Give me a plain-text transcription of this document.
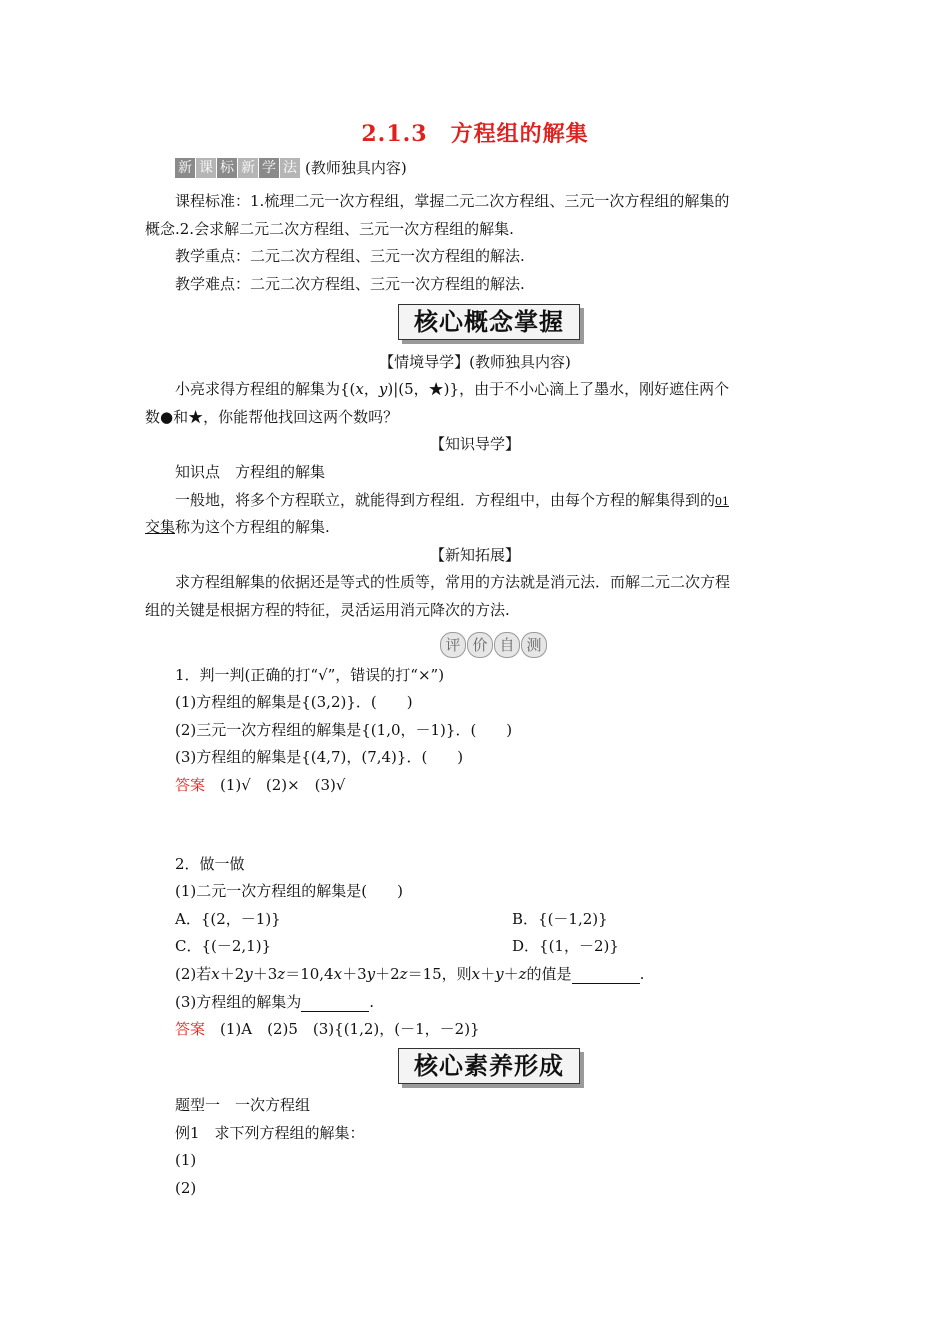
2.1.3　方程组的解集
新 课 标 新 学 法 (教师独具内容)
课程标准：1.梳理二元一次方程组，掌握二元二次方程组、三元一次方程组的解集的
概念.2.会求解二元二次方程组、三元一次方程组的解集.
教学重点：二元二次方程组、三元一次方程组的解法.
教学难点：二元二次方程组、三元一次方程组的解法.
核心概念掌握
【情境导学】(教师独具内容)
小亮求得方程组的解集为{(x，y)|(5，★)}，由于不小心滴上了墨水，刚好遮住两个
数●和★，你能帮他找回这两个数吗？
【知识导学】
知识点　方程组的解集
一般地，将多个方程联立，就能得到方程组．方程组中，由每个方程的解集得到的01
交集称为这个方程组的解集.
【新知拓展】
求方程组解集的依据还是等式的性质等，常用的方法就是消元法．而解二元二次方程
组的关键是根据方程的特征，灵活运用消元降次的方法.
评 价 自 测
1．判一判(正确的打“√”，错误的打“×”)
(1)方程组的解集是{(3,2)}．(　　)
(2)三元一次方程组的解集是{(1,0，－1)}．(　　)
(3)方程组的解集是{(4,7)，(7,4)}．(　　)
答案　 (1)√　(2)×　(3)√
2．做一做
(1)二元一次方程组的解集是(　　)
A．{(2，－1)}	B．{(－1,2)}
C．{(－2,1)}	D．{(1，－2)}
(2)若x＋2y＋3z＝10,4x＋3y＋2z＝15，则x＋y＋z的值是	.
(3)方程组的解集为	.
答案　 (1)A　(2)5　(3){(1,2)，(－1，－2)}
核心素养形成
题型一　一次方程组
例1　求下列方程组的解集：
(1)
(2)
